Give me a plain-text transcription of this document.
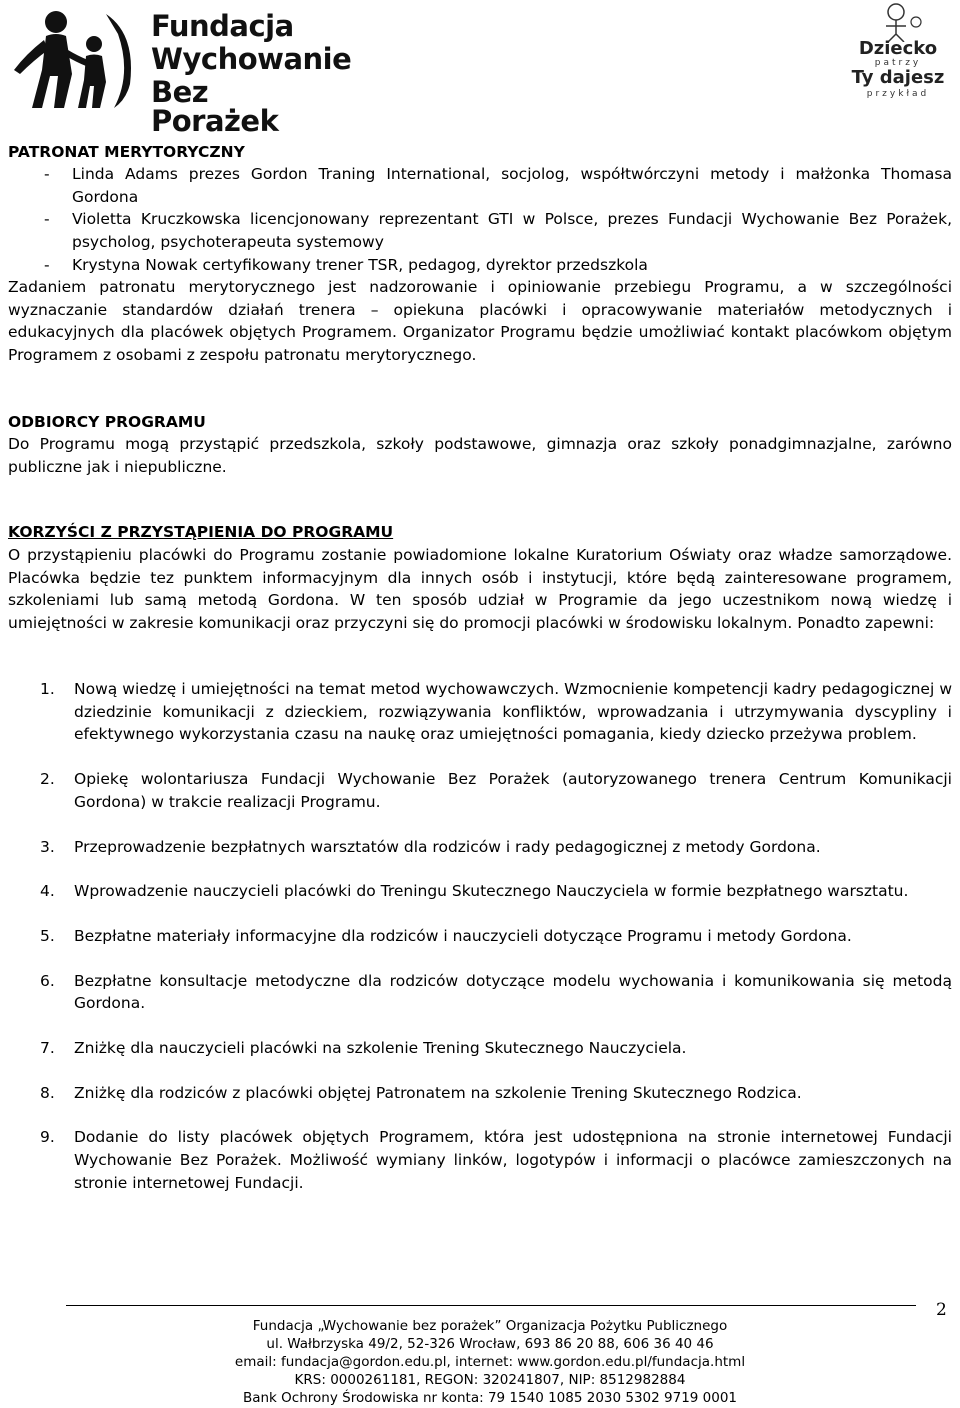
Fundacja
Wychowanie
Bez Porażek
Dziecko
patrzy
Ty dajesz
przykład
PATRONAT MERYTORYCZNY
- Linda Adams prezes Gordon Traning International, socjolog, współtwórczyni metody i małżonka Thomasa Gordona
- Violetta Kruczkowska licencjonowany reprezentant GTI w Polsce, prezes Fundacji Wychowanie Bez Porażek, psycholog, psychoterapeuta systemowy
- Krystyna Nowak certyfikowany trener TSR, pedagog, dyrektor przedszkola
Zadaniem patronatu merytorycznego jest nadzorowanie i opiniowanie przebiegu Programu, a w szczególności wyznaczanie standardów działań trenera – opiekuna placówki i opracowywanie materiałów metodycznych i edukacyjnych dla placówek objętych Programem. Organizator Programu będzie umożliwiać kontakt placówkom objętym Programem z osobami z zespołu patronatu merytorycznego.
ODBIORCY PROGRAMU
Do Programu mogą przystąpić przedszkola, szkoły podstawowe, gimnazja oraz szkoły ponadgimnazjalne, zarówno publiczne jak i niepubliczne.
KORZYŚCI Z PRZYSTĄPIENIA DO PROGRAMU
O przystąpieniu placówki do Programu zostanie powiadomione lokalne Kuratorium Oświaty oraz władze samorządowe. Placówka będzie tez punktem informacyjnym dla innych osób i instytucji, które będą zainteresowane programem, szkoleniami lub samą metodą Gordona. W ten sposób udział w Programie da jego uczestnikom nową wiedzę i umiejętności w zakresie komunikacji oraz przyczyni się do promocji placówki w środowisku lokalnym. Ponadto zapewni:
1. Nową wiedzę i umiejętności na temat metod wychowawczych. Wzmocnienie kompetencji kadry pedagogicznej w dziedzinie komunikacji z dzieckiem, rozwiązywania konfliktów, wprowadzania i utrzymywania dyscypliny i efektywnego wykorzystania czasu na naukę oraz umiejętności pomagania, kiedy dziecko przeżywa problem.
2. Opiekę wolontariusza Fundacji Wychowanie Bez Porażek (autoryzowanego trenera Centrum Komunikacji Gordona) w trakcie realizacji Programu.
3. Przeprowadzenie bezpłatnych warsztatów dla rodziców i rady pedagogicznej z metody Gordona.
4. Wprowadzenie nauczycieli placówki do Treningu Skutecznego Nauczyciela w formie bezpłatnego warsztatu.
5. Bezpłatne materiały informacyjne dla rodziców i nauczycieli dotyczące Programu i metody Gordona.
6. Bezpłatne konsultacje metodyczne dla rodziców dotyczące modelu wychowania i komunikowania się metodą Gordona.
7. Zniżkę dla nauczycieli placówki na szkolenie Trening Skutecznego Nauczyciela.
8. Zniżkę dla rodziców z placówki objętej Patronatem na szkolenie Trening Skutecznego Rodzica.
9. Dodanie do listy placówek objętych Programem, która jest udostępniona na stronie internetowej Fundacji Wychowanie Bez Porażek. Możliwość wymiany linków, logotypów i informacji o placówce zamieszczonych na stronie internetowej Fundacji.
2
Fundacja „Wychowanie bez porażek” Organizacja Pożytku Publicznego
ul. Wałbrzyska 49/2, 52-326 Wrocław, 693 86 20 88, 606 36 40 46
email: fundacja@gordon.edu.pl, internet: www.gordon.edu.pl/fundacja.html
KRS: 0000261181, REGON: 320241807, NIP: 8512982884
Bank Ochrony Środowiska nr konta: 79 1540 1085 2030 5302 9719 0001
